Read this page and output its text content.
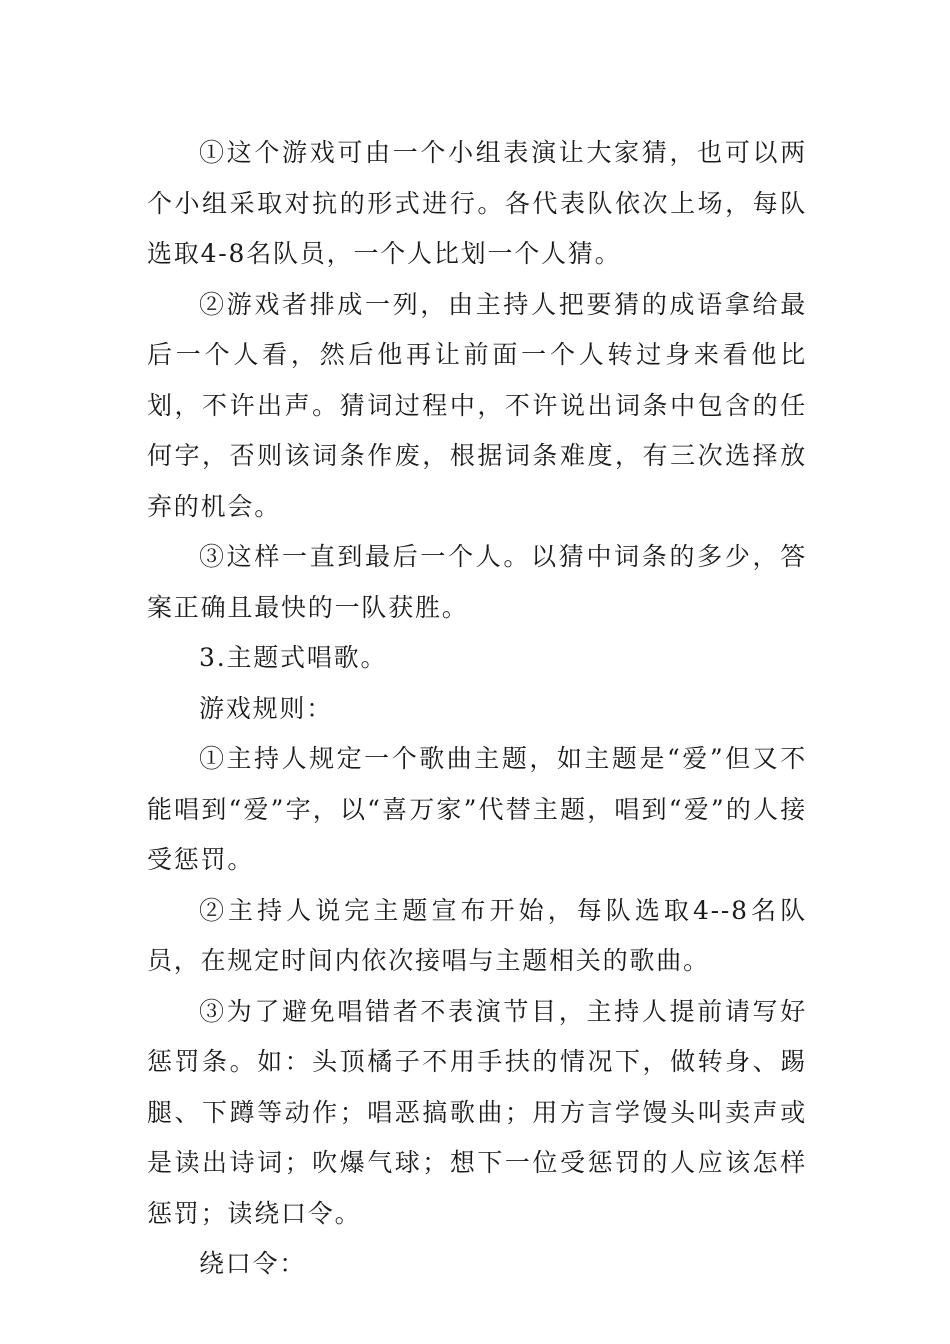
①这个游戏可由一个小组表演让大家猜，也可以两个小组采取对抗的形式进行。各代表队依次上场，每队选取4-8名队员，一个人比划一个人猜。

②游戏者排成一列，由主持人把要猜的成语拿给最后一个人看，然后他再让前面一个人转过身来看他比划，不许出声。猜词过程中，不许说出词条中包含的任何字，否则该词条作废，根据词条难度，有三次选择放弃的机会。

③这样一直到最后一个人。以猜中词条的多少，答案正确且最快的一队获胜。

3.主题式唱歌。

游戏规则：

①主持人规定一个歌曲主题，如主题是“爱”但又不能唱到“爱”字，以“喜万家”代替主题，唱到“爱”的人接受惩罚。

②主持人说完主题宣布开始，每队选取4--8名队员，在规定时间内依次接唱与主题相关的歌曲。

③为了避免唱错者不表演节目，主持人提前请写好惩罚条。如：头顶橘子不用手扶的情况下，做转身、踢腿、下蹲等动作；唱恶搞歌曲；用方言学馒头叫卖声或是读出诗词；吹爆气球；想下一位受惩罚的人应该怎样惩罚；读绕口令。

绕口令：
